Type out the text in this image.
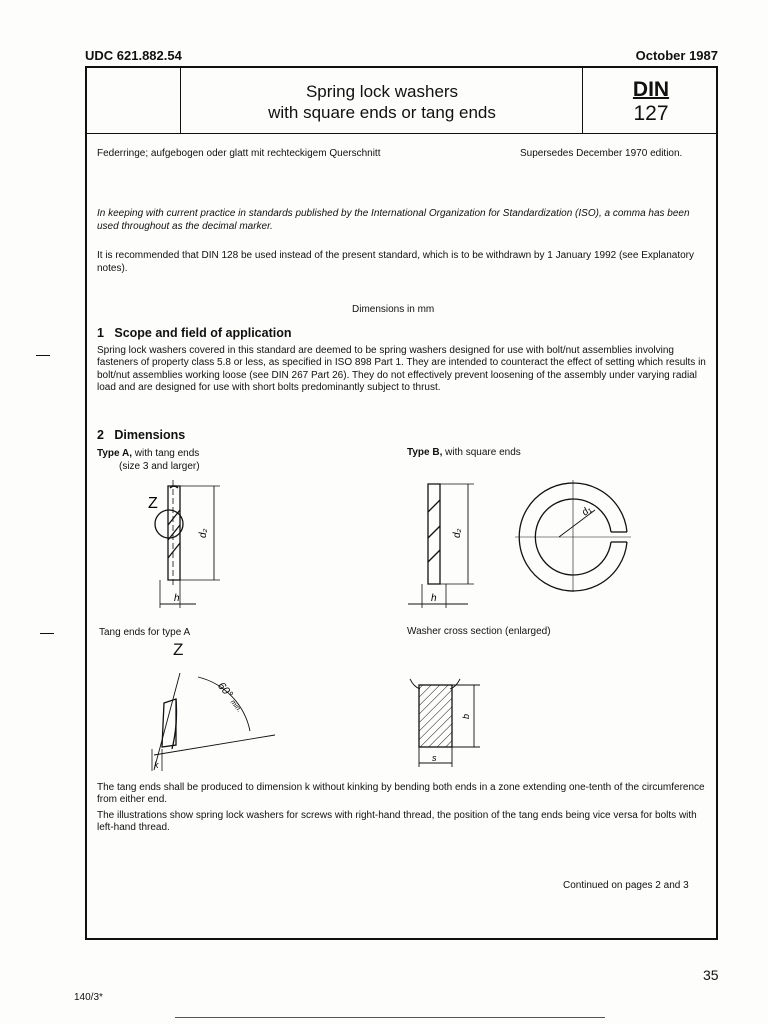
UDC 621.882.54	October 1987
Spring lock washers
with square ends or tang ends
DIN
127
Federringe; aufgebogen oder glatt mit rechteckigem Querschnitt	Supersedes December 1970 edition.
In keeping with current practice in standards published by the International Organization for Standardization (ISO), a comma has been used throughout as the decimal marker.
It is recommended that DIN 128 be used instead of the present standard, which is to be withdrawn by 1 January 1992 (see Explanatory notes).
Dimensions in mm
1 Scope and field of application
Spring lock washers covered in this standard are deemed to be spring washers designed for use with bolt/nut assemblies involving fasteners of property class 5.8 or less, as specified in ISO 898 Part 1. They are intended to counteract the effect of setting which results in bolt/nut assemblies working loose (see DIN 267 Part 26). They do not effectively prevent loosening of the assembly under varying radial load and are designed for use with short bolts predominantly subject to thrust.
2 Dimensions
Type A, with tang ends
(size 3 and larger)
Type B, with square ends
Z
h
d₂
h
d₂
d₁
Tang ends for type A	Washer cross section (enlarged)
Z
60°
min.
k
s
b
The tang ends shall be produced to dimension k without kinking by bending both ends in a zone extending one-tenth of the circumference from either end.
The illustrations show spring lock washers for screws with right-hand thread, the position of the tang ends being vice versa for bolts with left-hand thread.
Continued on pages 2 and 3
35
140/3*
